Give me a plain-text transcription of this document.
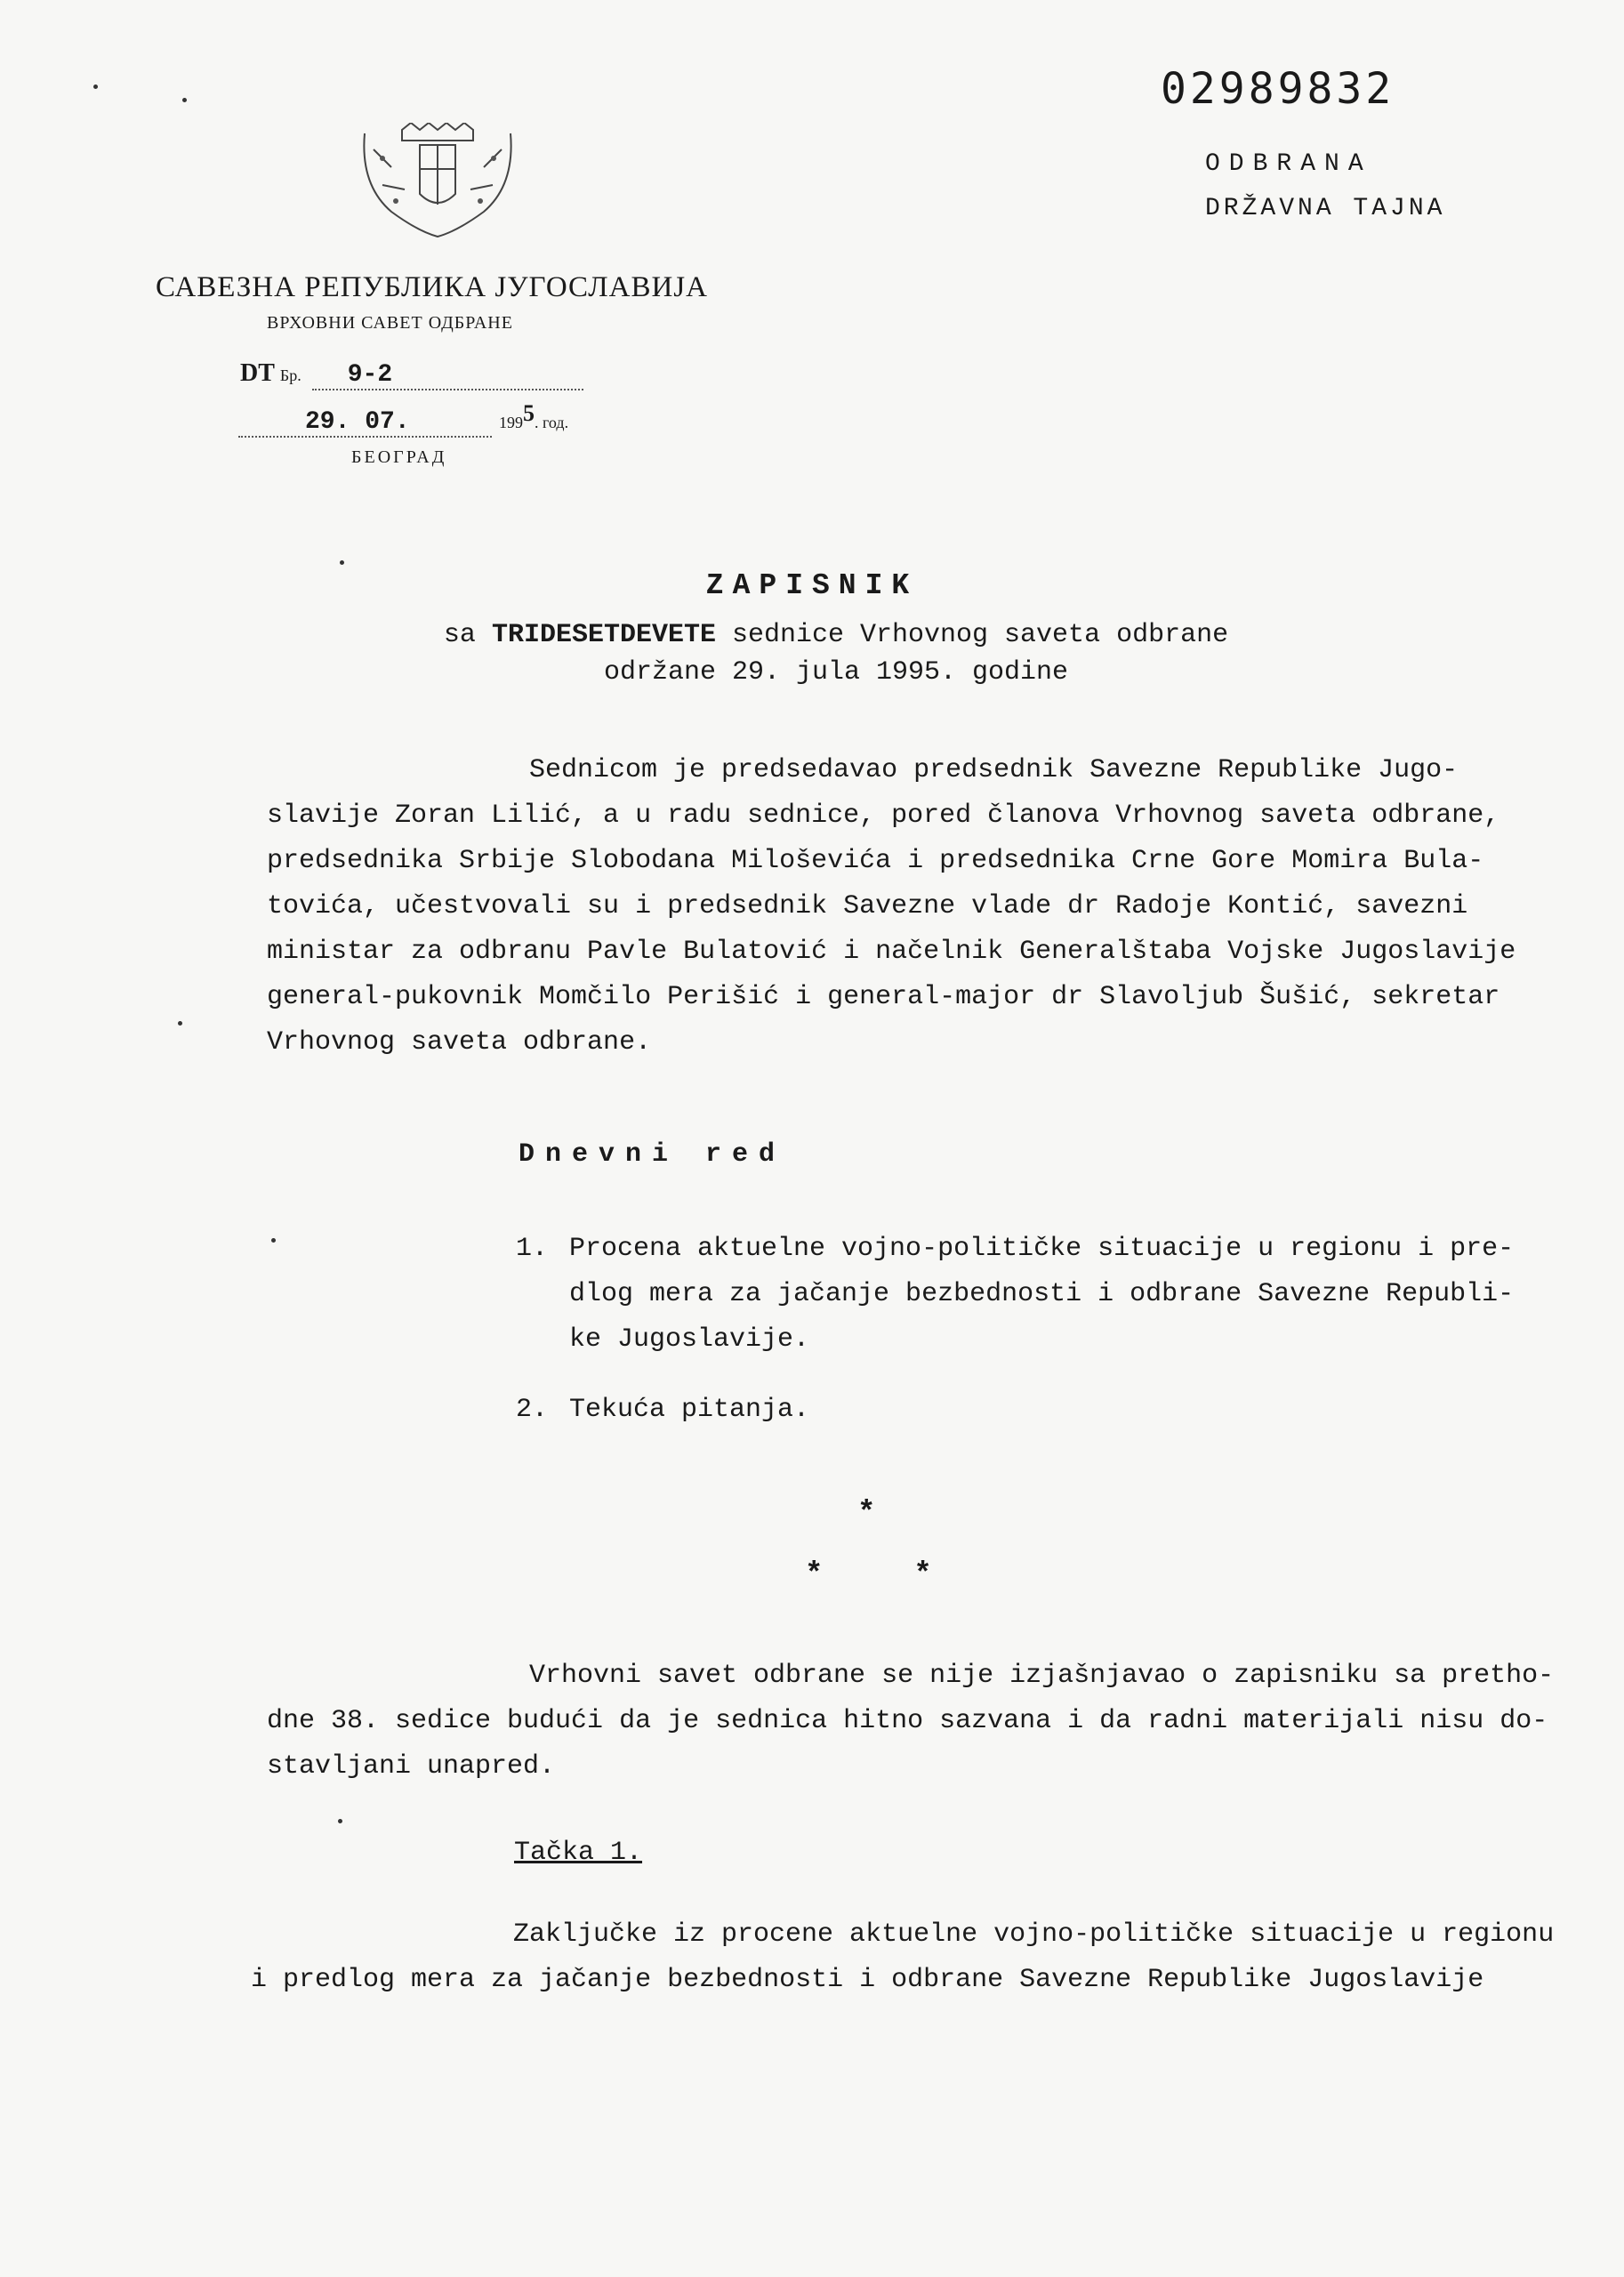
02989832
ODBRANA
DRŽAVNA TAJNA
САВЕЗНА РЕПУБЛИКА ЈУГОСЛАВИЈА
ВРХОВНИ САВЕТ ОДБРАНЕ
DT Бр. 9-2
29. 07.	1995. год.
БЕОГРАД
ZAPISNIK
sa TRIDESETDEVETE sednice Vrhovnog saveta odbrane
održane 29. jula 1995. godine
Sednicom je predsedavao predsednik Savezne Republike Jugo-
slavije Zoran Lilić, a u radu sednice, pored članova Vrhovnog saveta odbrane,
predsednika Srbije Slobodana Miloševića i predsednika Crne Gore Momira Bula-
tovića, učestvovali su i predsednik Savezne vlade dr Radoje Kontić, savezni
ministar za odbranu Pavle Bulatović i načelnik Generalštaba Vojske Jugoslavije
general-pukovnik Momčilo Perišić i general-major dr Slavoljub Šušić, sekretar
Vrhovnog saveta odbrane.
Dnevni red
1. Procena aktuelne vojno-političke situacije u regionu i pre-
dlog mera za jačanje bezbednosti i odbrane Savezne Republi-
ke Jugoslavije.
2. Tekuća pitanja.
*
*     *
Vrhovni savet odbrane se nije izjašnjavao o zapisniku sa pretho-
dne 38. sedice budući da je sednica hitno sazvana i da radni materijali nisu do-
stavljani unapred.
Tačka 1.
Zaključke iz procene aktuelne vojno-političke situacije u regionu
i predlog mera za jačanje bezbednosti i odbrane Savezne Republike Jugoslavije
